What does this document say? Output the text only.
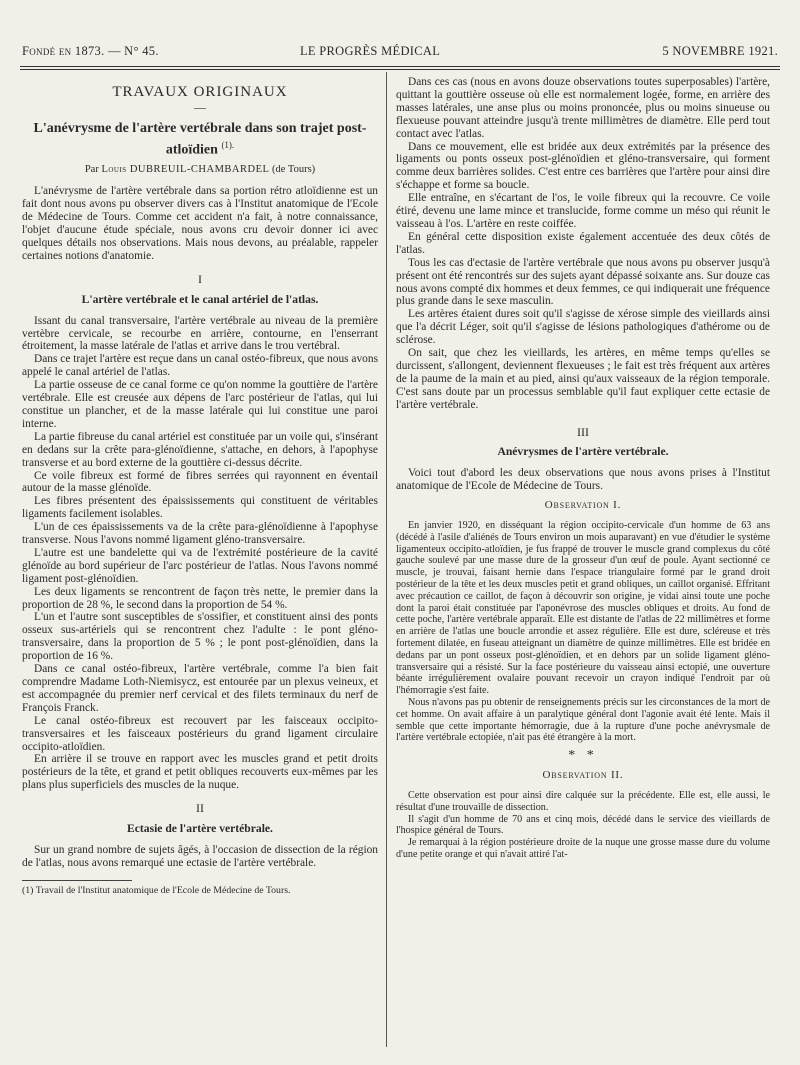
Fondé en 1873. — N° 45.	LE PROGRÈS MÉDICAL	5 NOVEMBRE 1921.
TRAVAUX ORIGINAUX
—
L'anévrysme de l'artère vertébrale dans son trajet post-atloïdien $^{(1).}$
Par Louis DUBREUIL-CHAMBARDEL (de Tours)

L'anévrysme de l'artère vertébrale dans sa portion rétro atloïdienne est un fait dont nous avons pu observer divers cas à l'Institut anatomique de l'Ecole de Médecine de Tours. Comme cet accident n'a fait, à notre connaissance, l'objet d'aucune étude spéciale, nous avons cru devoir donner ici avec quelques détails nos observations. Mais nous devons, au préalable, rappeler certaines notions d'anatomie.

I
L'artère vertébrale et le canal artériel de l'atlas.

Issant du canal transversaire, l'artère vertébrale au niveau de la première vertèbre cervicale, se recourbe en arrière, contourne, en l'enserrant étroitement, la masse latérale de l'atlas et arrive dans le trou vertébral.

Dans ce trajet l'artère est reçue dans un canal ostéo-fibreux, que nous avons appelé le canal artériel de l'atlas.

La partie osseuse de ce canal forme ce qu'on nomme la gouttière de l'artère vertébrale. Elle est creusée aux dépens de l'arc postérieur de l'atlas, qui lui constitue un plancher, et de la masse latérale qui lui constitue une paroi interne.

La partie fibreuse du canal artériel est constituée par un voile qui, s'insérant en dedans sur la crête para-glénoïdienne, s'attache, en dehors, à l'apophyse transverse et au bord externe de la gouttière ci-dessus décrite.

Ce voile fibreux est formé de fibres serrées qui rayonnent en éventail autour de la masse glénoïde.

Les fibres présentent des épaississements qui constituent de véritables ligaments facilement isolables.

L'un de ces épaississements va de la crête para-glénoïdienne à l'apophyse transverse. Nous l'avons nommé ligament gléno-transversaire.

L'autre est une bandelette qui va de l'extrémité postérieure de la cavité glénoïde au bord supérieur de l'arc postérieur de l'atlas. Nous l'avons nommé ligament post-glénoïdien.

Les deux ligaments se rencontrent de façon très nette, le premier dans la proportion de 28 %, le second dans la proportion de 54 %.

L'un et l'autre sont susceptibles de s'ossifier, et constituent ainsi des ponts osseux sus-artériels qui se rencontrent chez l'adulte : le pont gléno-transversaire, dans la proportion de 5 % ; le pont post-glénoïdien, dans la proportion de 16 %.

Dans ce canal ostéo-fibreux, l'artère vertébrale, comme l'a bien fait comprendre Madame Loth-Niemisycz, est entourée par un plexus veineux, et est accompagnée du premier nerf cervical et des filets terminaux du nerf de François Franck.

Le canal ostéo-fibreux est recouvert par les faisceaux occipito-transversaires et les faisceaux postérieurs du grand ligament circulaire occipito-atloïdien.

En arrière il se trouve en rapport avec les muscles grand et petit droits postérieurs de la tête, et grand et petit obliques recouverts eux-mêmes par les plans plus superficiels des muscles de la nuque.

II
Ectasie de l'artère vertébrale.

Sur un grand nombre de sujets âgés, à l'occasion de dissection de la région de l'atlas, nous avons remarqué une ectasie de l'artère vertébrale.

(1) Travail de l'Institut anatomique de l'Ecole de Médecine de Tours.

Dans ces cas (nous en avons douze observations toutes superposables) l'artère, quittant la gouttière osseuse où elle est normalement logée, forme, en arrière des masses latérales, une anse plus ou moins prononcée, plus ou moins sinueuse ou flexueuse pouvant atteindre jusqu'à trente millimètres de diamètre. Elle perd tout contact avec l'atlas.

Dans ce mouvement, elle est bridée aux deux extrémités par la présence des ligaments ou ponts osseux post-glénoïdien et gléno-transversaire, qui forment comme deux barrières solides. C'est entre ces barrières que l'artère pour ainsi dire s'échappe et forme sa boucle.

Elle entraîne, en s'écartant de l'os, le voile fibreux qui la recouvre. Ce voile étiré, devenu une lame mince et translucide, forme comme un méso qui réunit le vaisseau à l'os. L'artère en reste coiffée.

En général cette disposition existe également accentuée des deux côtés de l'atlas.

Tous les cas d'ectasie de l'artère vertébrale que nous avons pu observer jusqu'à présent ont été rencontrés sur des sujets ayant dépassé soixante ans. Sur douze cas nous avons compté dix hommes et deux femmes, ce qui indiquerait une fréquence plus grande dans le sexe masculin.

Les artères étaient dures soit qu'il s'agisse de xérose simple des vieillards ainsi que l'a décrit Léger, soit qu'il s'agisse de lésions pathologiques d'athérome ou de sclérose.

On sait, que chez les vieillards, les artères, en même temps qu'elles se durcissent, s'allongent, deviennent flexueuses ; le fait est très fréquent aux artères de la paume de la main et au pied, ainsi qu'aux vaisseaux de la région temporale. C'est sans doute par un processus semblable qu'il faut expliquer cette ectasie de l'artère vertébrale.

III
Anévrysmes de l'artère vertébrale.

Voici tout d'abord les deux observations que nous avons prises à l'Institut anatomique de l'Ecole de Médecine de Tours.

Observation I.

En janvier 1920, en disséquant la région occipito-cervicale d'un homme de 63 ans (décédé à l'asile d'aliénés de Tours environ un mois auparavant) en vue d'étudier le système ligamenteux occipito-atloïdien, je fus frappé de trouver le muscle grand complexus du côté gauche soulevé par une masse dure de la grosseur d'un œuf de poule. Ayant sectionné ce muscle, je trouvai, faisant hernie dans l'espace triangulaire formé par le grand droit postérieur de la tête et les deux muscles petit et grand obliques, un caillot organisé. Effritant avec précaution ce caillot, de façon à découvrir son origine, je vidai ainsi toute une poche dont la paroi était constituée par l'aponévrose des muscles obliques et droits. Au fond de cette poche, l'artère vertébrale apparaît. Elle est distante de l'atlas de 22 millimètres et forme en arrière de l'atlas une boucle arrondie et assez régulière. Elle est dure, scléreuse et très fortement dilatée, en fuseau atteignant un diamètre de quinze millimètres. Elle est bridée en dedans par un pont osseux post-glénoïdien, et en dehors par un solide ligament gléno-transversaire qui a résisté. Sur la face postérieure du vaisseau ainsi ectopié, une ouverture béante irrégulièrement ovalaire pouvant recevoir un crayon indiqué l'endroit par où l'hémorragie s'est faite.

Nous n'avons pas pu obtenir de renseignements précis sur les circonstances de la mort de cet homme. On avait affaire à un paralytique général dont l'agonie avait été lente. Mais il semble que cette importante hémorragie, due à la rupture d'une poche anévrysmale de l'artère vertébrale ectopiée, n'ait pas été étrangère à la mort.

* *
Observation II.

Cette observation est pour ainsi dire calquée sur la précédente. Elle est, elle aussi, le résultat d'une trouvaille de dissection.

Il s'agit d'un homme de 70 ans et cinq mois, décédé dans le service des vieillards de l'hospice général de Tours.

Je remarquai à la région postérieure droite de la nuque une grosse masse dure du volume d'une petite orange et qui n'avait attiré l'at-
